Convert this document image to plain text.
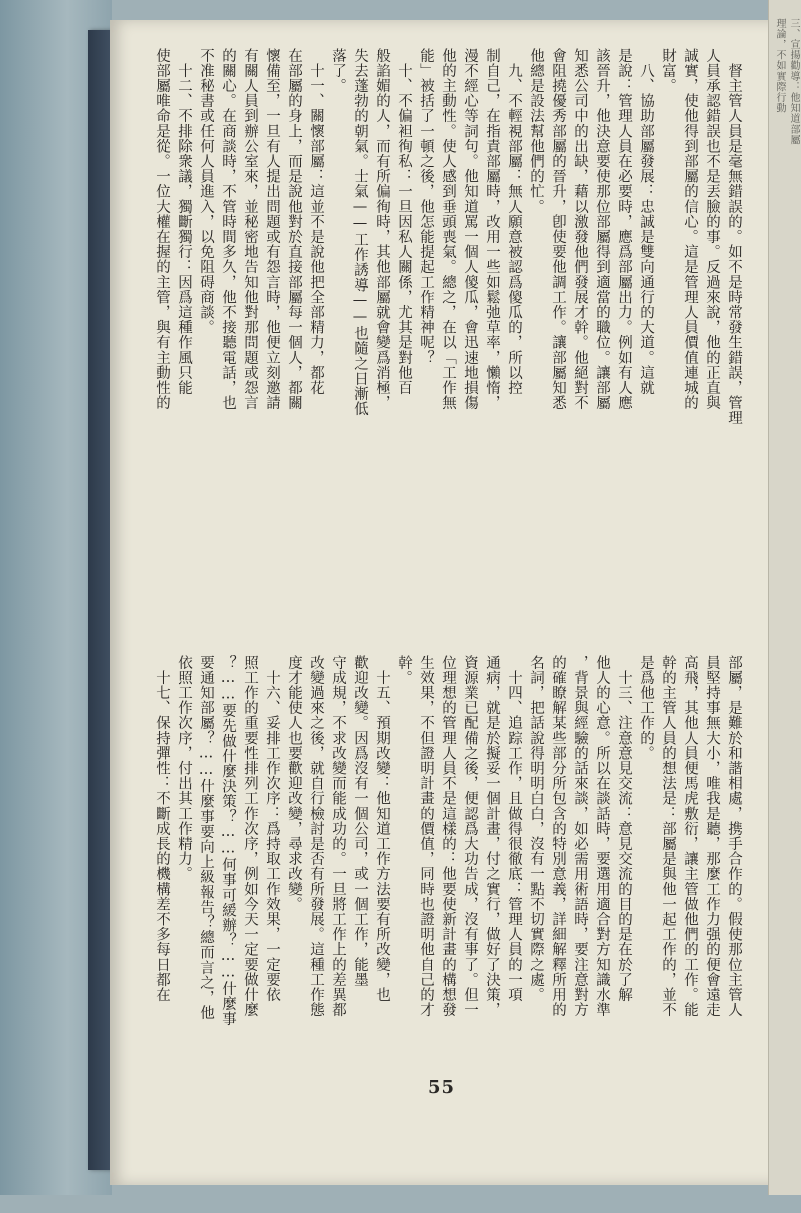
三、宣揚勸導：他知道部屬
理論，不如實際行動
　督主管人員是毫無錯誤的。如不是時常發生錯誤，管理
人員承認錯誤也不是丟臉的事。反過來說，他的正直與
誠實，使他得到部屬的信心。這是管理人員價值連城的
財富。
　八、協助部屬發展：忠誠是雙向通行的大道。這就
是說：管理人員在必要時，應爲部屬出力。例如有人應
該晉升，他決意要使那位部屬得到適當的職位。讓部屬
知悉公司中的出缺，藉以激發他們發展才幹。他絕對不
會阻撓優秀部屬的晉升，卽使要他調工作。讓部屬知悉
他總是設法幫他們的忙。
　九、不輕視部屬：無人願意被認爲傻瓜的，所以控
制自己，在指責部屬時，改用一些如鬆弛草率，懶惰，
漫不經心等詞句。他知道罵一個人傻瓜，會迅速地損傷
他的主動性。使人感到垂頭喪氣。總之，在以「工作無
能」被括了一頓之後，他怎能提起工作精神呢？
　十、不偏袒徇私：一旦因私人關係，尤其是對他百
般諂媚的人，而有所偏徇時，其他部屬就會變爲消極，
失去蓬勃的朝氣。士氣——工作誘導——也隨之日漸低
落了。
　十一、關懷部屬：這並不是說他把全部精力，都花
在部屬的身上，而是說他對於直接部屬每一個人，都關
懷備至，一旦有人提出問題或有怨言時，他便立刻邀請
有關人員到辦公室來，並秘密地告知他對那問題或怨言
的關心。在商談時，不管時間多久，他不接聽電話，也
不准秘書或任何人員進入，以免阻碍商談。
　十二、不排除衆議，獨斷獨行：因爲這種作風只能
使部屬唯命是從。一位大權在握的主管，與有主動性的
部屬，是難於和諧相處，携手合作的。假使那位主管人
員堅持事無大小，唯我是聽，那麼工作力强的便會遠走
高飛，其他人員便馬虎敷衍，讓主管做他們的工作。能
幹的主管人員的想法是：部屬是與他一起工作的，並不
是爲他工作的。
　十三、注意意見交流：意見交流的目的是在於了解
他人的心意。所以在談話時，要選用適合對方知識水準
，背景與經驗的話來談，如必需用術語時，要注意對方
的確瞭解某些部分所包含的特別意義，詳細解釋所用的
名詞，把話說得明明白白，沒有一點不切實際之處。
　十四、追踪工作，且做得很徹底：管理人員的一項
通病，就是於擬妥一個計畫，付之實行，做好了決策，
資源業已配備之後，便認爲大功告成，沒有事了。但一
位理想的管理人員不是這樣的：他要使新計畫的構想發
生效果，不但證明計畫的價值，同時也證明他自己的才
幹。
　十五、預期改變：他知道工作方法要有所改變，也
歡迎改變。因爲沒有一個公司，或一個工作，能墨
守成規，不求改變而能成功的。一旦將工作上的差異都
改變過來之後，就自行檢討是否有所發展。這種工作態
度才能使人也要歡迎改變，尋求改變。
　十六、妥排工作次序：爲持取工作效果，一定要依
照工作的重要性排列工作次序，例如今天一定要做什麼
？……要先做什麼決策？……何事可緩辦？……什麼事
要通知部屬？……什麼事要向上級報告？總而言之，他
依照工作次序，付出其工作精力。
　十七、保持彈性：不斷成長的機構差不多每日都在
55
